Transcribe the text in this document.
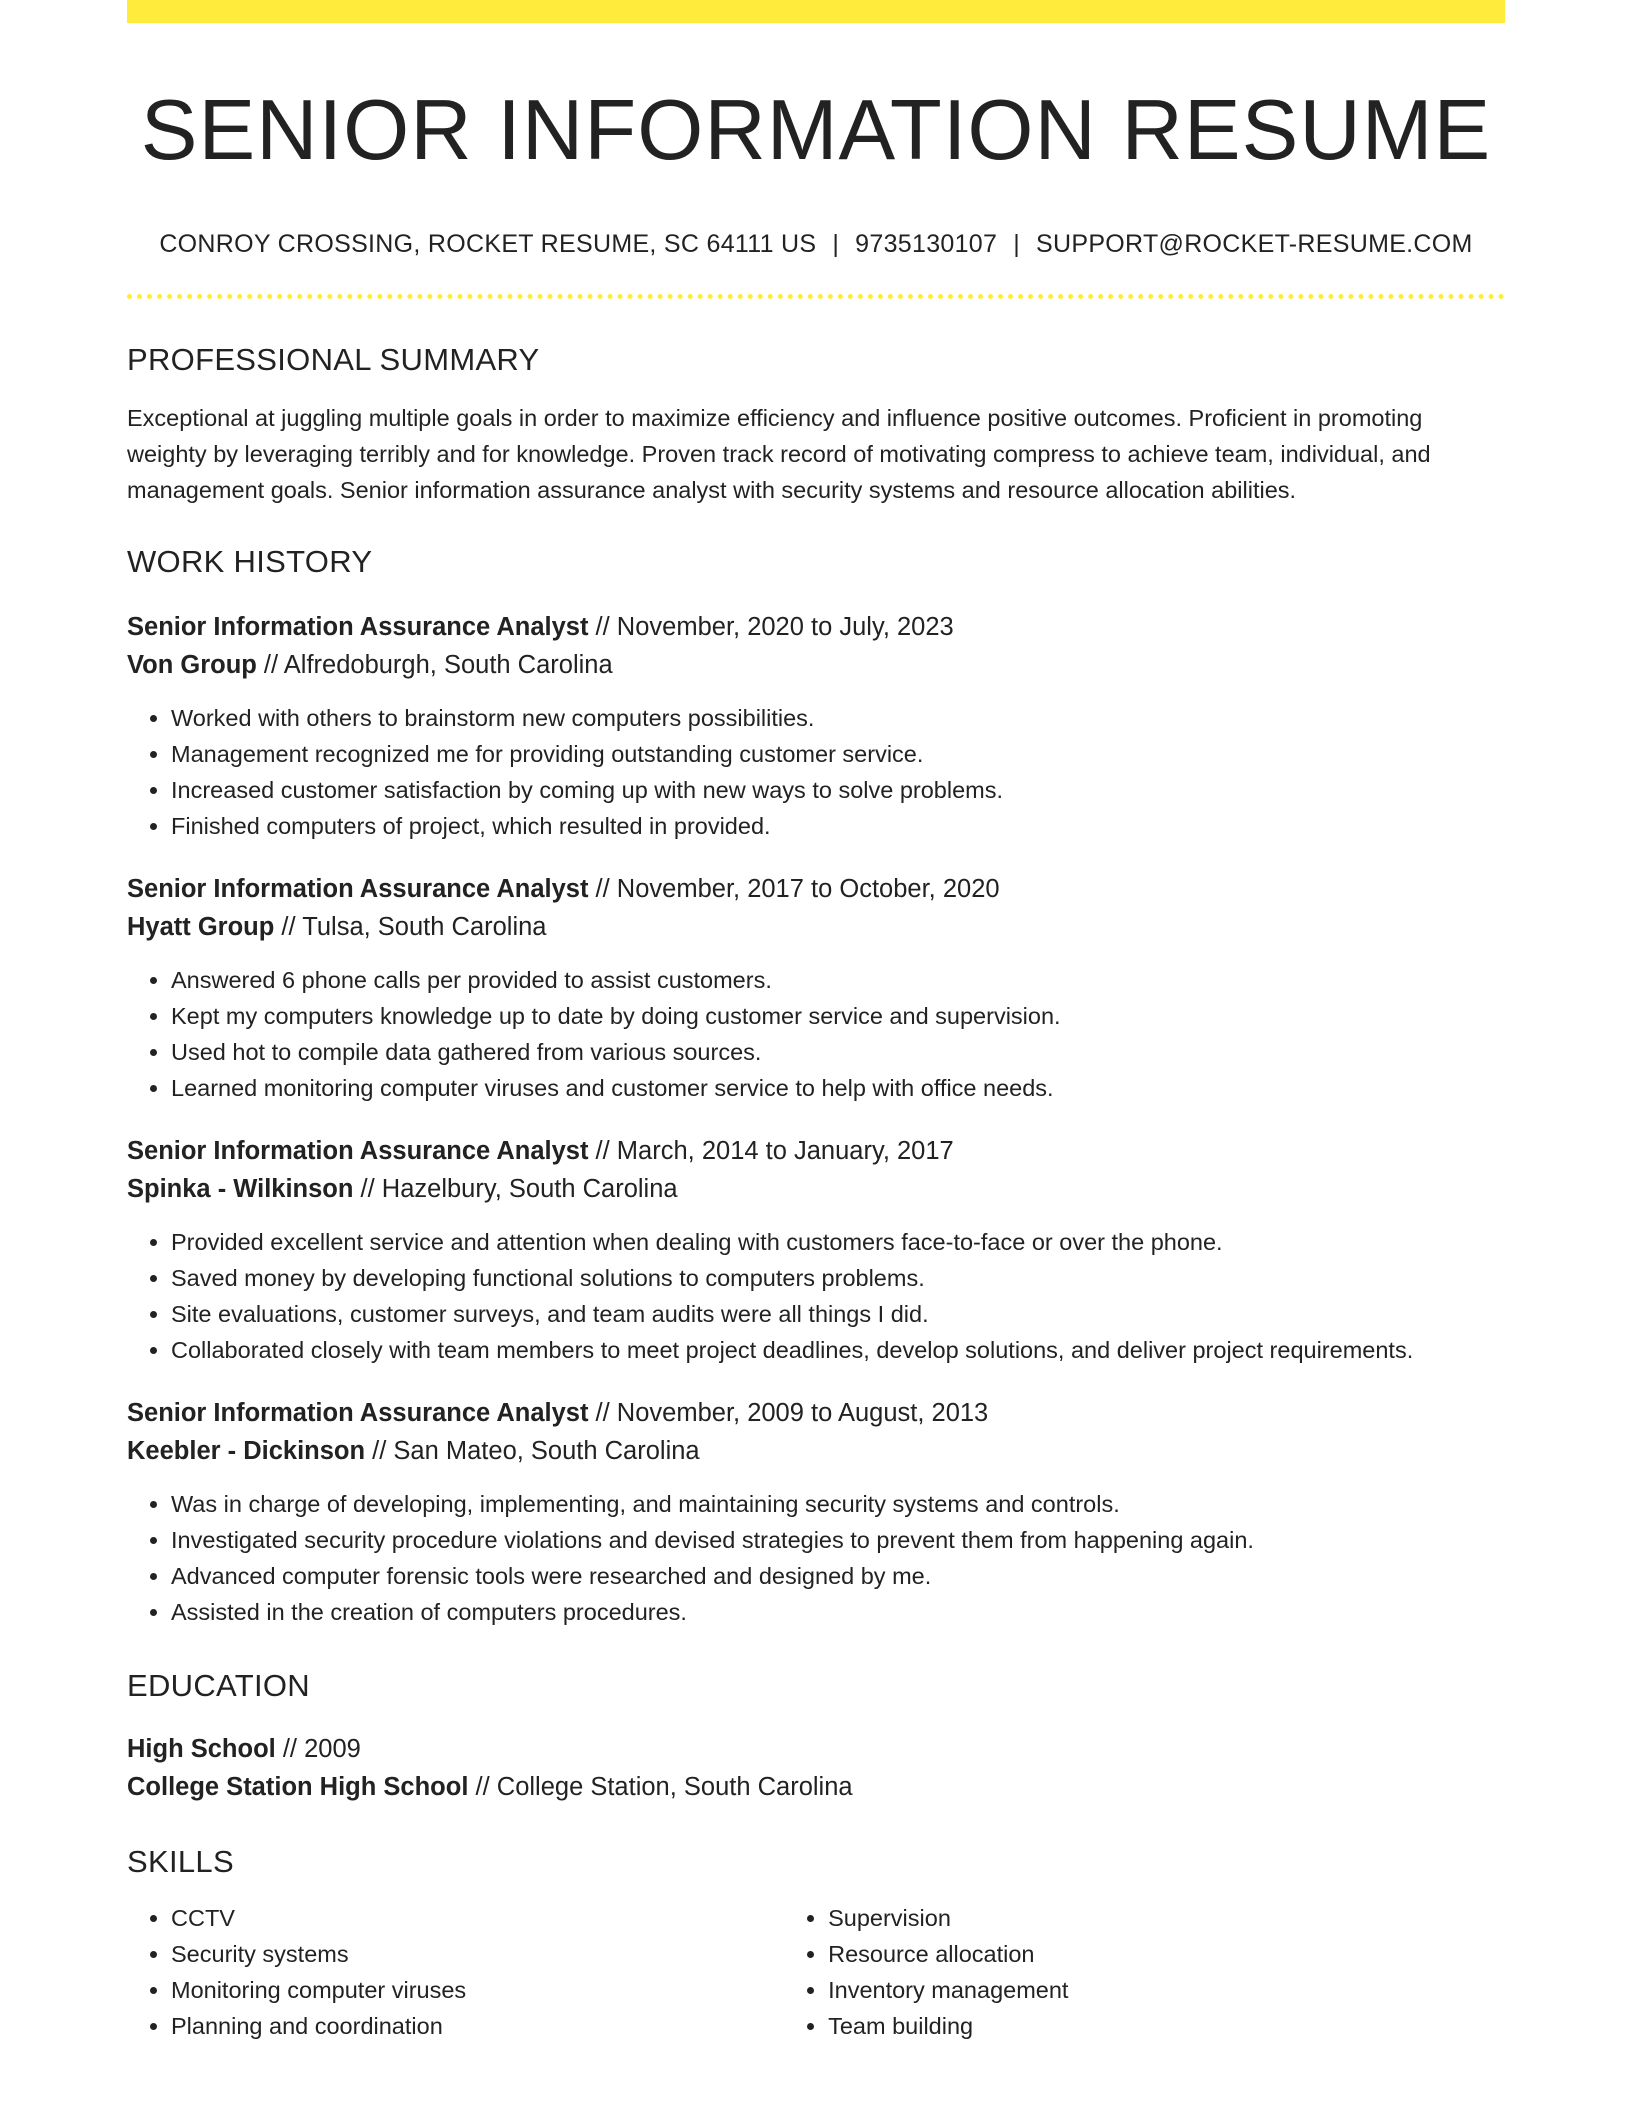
SENIOR INFORMATION RESUME
CONROY CROSSING, ROCKET RESUME, SC 64111 US | 9735130107 | SUPPORT@ROCKET-RESUME.COM
PROFESSIONAL SUMMARY
Exceptional at juggling multiple goals in order to maximize efficiency and influence positive outcomes. Proficient in promoting weighty by leveraging terribly and for knowledge. Proven track record of motivating compress to achieve team, individual, and management goals. Senior information assurance analyst with security systems and resource allocation abilities.
WORK HISTORY
Senior Information Assurance Analyst // November, 2020 to July, 2023
Von Group // Alfredoburgh, South Carolina
• Worked with others to brainstorm new computers possibilities.
• Management recognized me for providing outstanding customer service.
• Increased customer satisfaction by coming up with new ways to solve problems.
• Finished computers of project, which resulted in provided.
Senior Information Assurance Analyst // November, 2017 to October, 2020
Hyatt Group // Tulsa, South Carolina
• Answered 6 phone calls per provided to assist customers.
• Kept my computers knowledge up to date by doing customer service and supervision.
• Used hot to compile data gathered from various sources.
• Learned monitoring computer viruses and customer service to help with office needs.
Senior Information Assurance Analyst // March, 2014 to January, 2017
Spinka - Wilkinson // Hazelbury, South Carolina
• Provided excellent service and attention when dealing with customers face-to-face or over the phone.
• Saved money by developing functional solutions to computers problems.
• Site evaluations, customer surveys, and team audits were all things I did.
• Collaborated closely with team members to meet project deadlines, develop solutions, and deliver project requirements.
Senior Information Assurance Analyst // November, 2009 to August, 2013
Keebler - Dickinson // San Mateo, South Carolina
• Was in charge of developing, implementing, and maintaining security systems and controls.
• Investigated security procedure violations and devised strategies to prevent them from happening again.
• Advanced computer forensic tools were researched and designed by me.
• Assisted in the creation of computers procedures.
EDUCATION
High School // 2009
College Station High School // College Station, South Carolina
SKILLS
• CCTV
• Security systems
• Monitoring computer viruses
• Planning and coordination
• Supervision
• Resource allocation
• Inventory management
• Team building
